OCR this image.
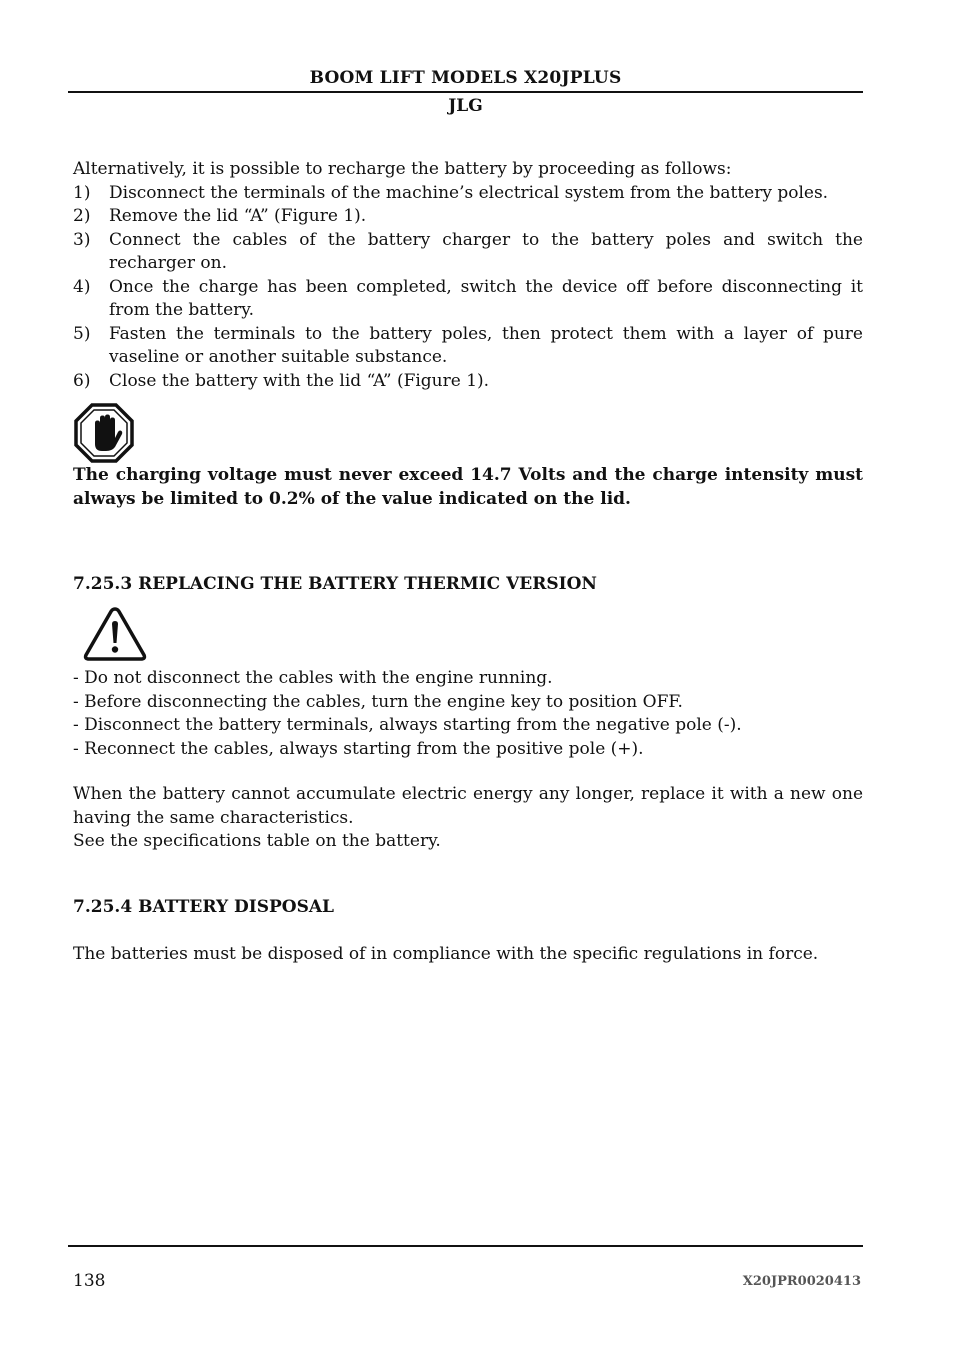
BOOM LIFT MODELS X20JPLUS
JLG

Alternatively, it is possible to recharge the battery by proceeding as follows:

1) Disconnect the terminals of the machine’s electrical system from the battery poles.
2) Remove the lid “A” (Figure 1).
3) Connect the cables of the battery charger to the battery poles and switch the recharger on.
4) Once the charge has been completed, switch the device off before disconnecting it from the battery.
5) Fasten the terminals to the battery poles, then protect them with a layer of pure vaseline or another suitable substance.
6) Close the battery with the lid “A” (Figure 1).
The charging voltage must never exceed 14.7 Volts and the charge intensity must always be limited to 0.2% of the value indicated on the lid.
7.25.3 REPLACING THE BATTERY THERMIC VERSION
- Do not disconnect the cables with the engine running.
- Before disconnecting the cables, turn the engine key to position OFF.
- Disconnect the battery terminals, always starting from the negative pole (-).
- Reconnect the cables, always starting from the positive pole (+).

When the battery cannot accumulate electric energy any longer, replace it with a new one having the same characteristics.

See the specifications table on the battery.

7.25.4 BATTERY DISPOSAL
The batteries must be disposed of in compliance with the specific regulations in force.
138	X20JPR0020413
